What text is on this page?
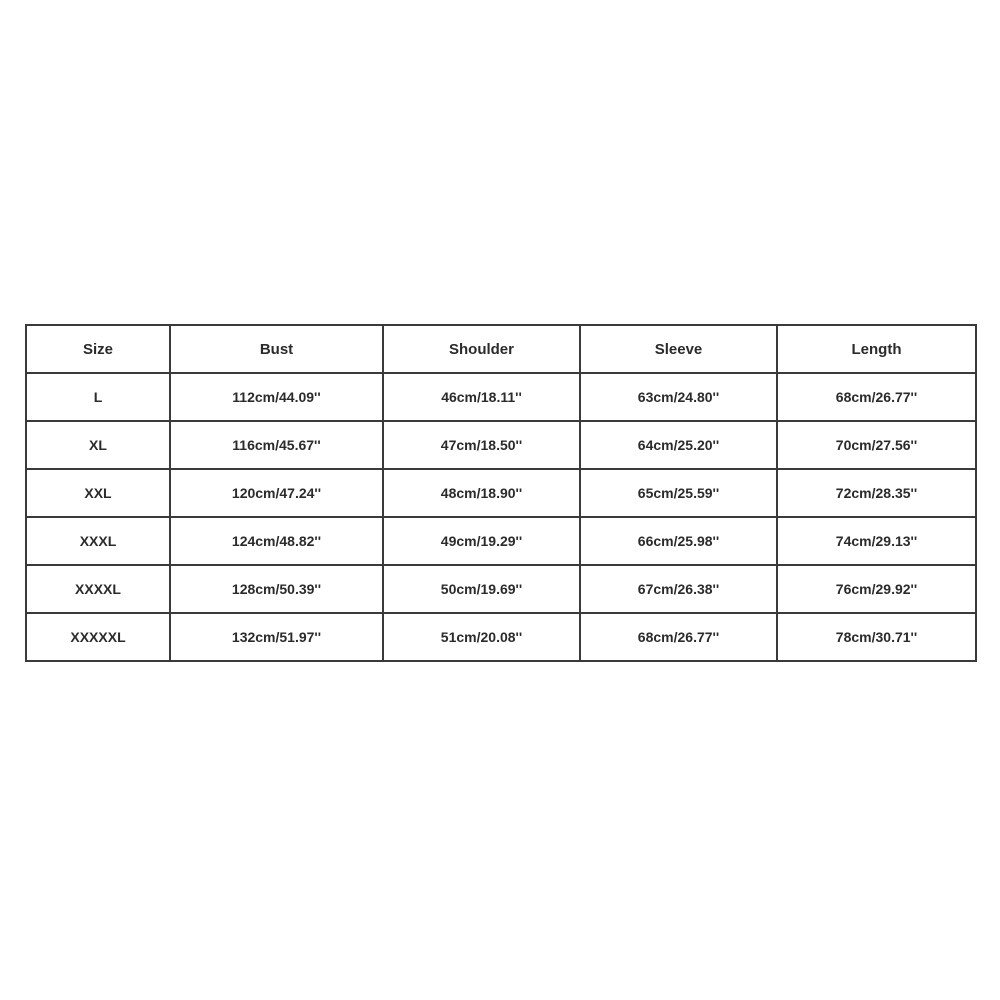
Size	Bust	Shoulder	Sleeve	Length
L	112cm/44.09''	46cm/18.11''	63cm/24.80''	68cm/26.77''
XL	116cm/45.67''	47cm/18.50''	64cm/25.20''	70cm/27.56''
XXL	120cm/47.24''	48cm/18.90''	65cm/25.59''	72cm/28.35''
XXXL	124cm/48.82''	49cm/19.29''	66cm/25.98''	74cm/29.13''
XXXXL	128cm/50.39''	50cm/19.69''	67cm/26.38''	76cm/29.92''
XXXXXL	132cm/51.97''	51cm/20.08''	68cm/26.77''	78cm/30.71''
